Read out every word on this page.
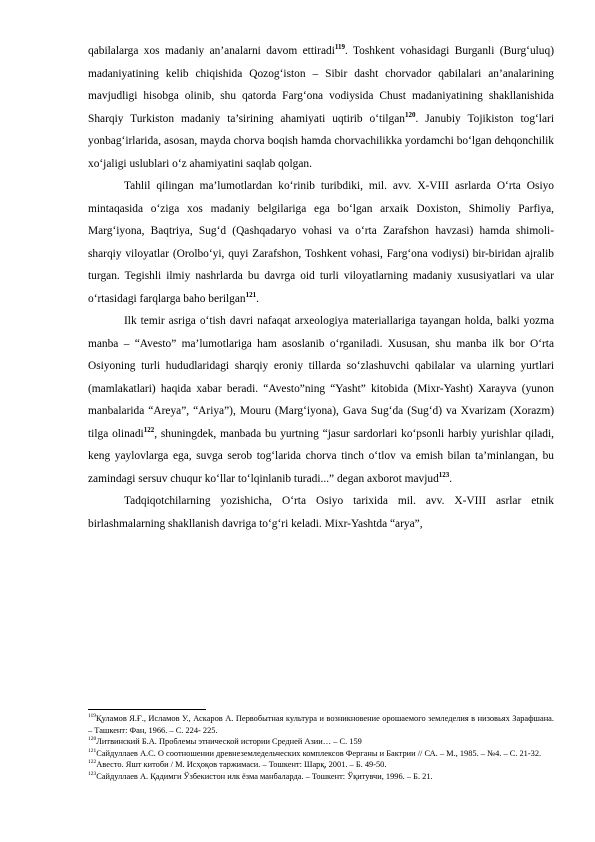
qabilalarga xos madaniy an’analarni davom ettiradi$^{119}$. Toshkent vohasidagi Burganli (Burg‘uluq) madaniyatining kelib chiqishida Qozog‘iston – Sibir dasht chorvador qabilalari an’analarining mavjudligi hisobga olinib, shu qatorda Farg‘ona vodiysida Chust madaniyatining shakllanishida Sharqiy Turkiston madaniy ta’sirining ahamiyati uqtirib o‘tilgan$^{120}$. Janubiy Tojikiston tog‘lari yonbag‘irlarida, asosan, mayda chorva boqish hamda chorvachilikka yordamchi bo‘lgan dehqonchilik xo‘jaligi uslublari o‘z ahamiyatini saqlab qolgan.

Tahlil qilingan ma’lumotlardan ko‘rinib turibdiki, mil. avv. X-VIII asrlarda O‘rta Osiyo mintaqasida o‘ziga xos madaniy belgilariga ega bo‘lgan arxaik Doxiston, Shimoliy Parfiya, Marg‘iyona, Baqtriya, Sug‘d (Qashqadaryo vohasi va o‘rta Zarafshon havzasi) hamda shimoli-sharqiy viloyatlar (Orolbo‘yi, quyi Zarafshon, Toshkent vohasi, Farg‘ona vodiysi) bir-biridan ajralib turgan. Tegishli ilmiy nashrlarda bu davrga oid turli viloyatlarning madaniy xususiyatlari va ular o‘rtasidagi farqlarga baho berilgan$^{121}$.

Ilk temir asriga o‘tish davri nafaqat arxeologiya materiallariga tayangan holda, balki yozma manba – “Avesto” ma’lumotlariga ham asoslanib o‘rganiladi. Xususan, shu manba ilk bor O‘rta Osiyoning turli hududlaridagi sharqiy eroniy tillarda so‘zlashuvchi qabilalar va ularning yurtlari (mamlakatlari) haqida xabar beradi. “Avesto”ning “Yasht” kitobida (Mixr-Yasht) Xarayva (yunon manbalarida “Areya”, “Ariya”), Mouru (Marg‘iyona), Gava Sug‘da (Sug‘d) va Xvarizam (Xorazm) tilga olinadi$^{122}$, shuningdek, manbada bu yurtning “jasur sardorlari ko‘psonli harbiy yurishlar qiladi, keng yaylovlarga ega, suvga serob tog‘larida chorva tinch o‘tlov va emish bilan ta’minlangan, bu zamindagi sersuv chuqur ko‘llar to‘lqinlanib turadi...” degan axborot mavjud$^{123}$.

Tadqiqotchilarning yozishicha, O‘rta Osiyo tarixida mil. avv. X-VIII asrlar etnik birlashmalarning shakllanish davriga to‘g‘ri keladi. Mixr-Yashtda “arya”,

$^{119}$Қуламов Я.Ғ., Исламов У., Аскаров А. Первобытная культура и возникновение орошаемого земледелия в низовьях Зарафшана. – Ташкент: Фан, 1966. – С. 224- 225.

$^{120}$Литвинский Б.А. Проблемы этнической истории Средней Азии… – С. 159

$^{121}$Сайдуллаев А.С. О соотношении древнеземледельческих комплексов Ферганы и Бактрии // СА. – М., 1985. – №4. – С. 21-32.

$^{122}$Авесто. Яшт китоби / М. Исҳоқов таржимаси. – Тошкент: Шарқ, 2001. – Б. 49-50.

$^{123}$Сайдуллаев А. Қадимги Ўзбекистон илк ёзма манбаларда. – Тошкент: Ўқитувчи, 1996. – Б. 21.
